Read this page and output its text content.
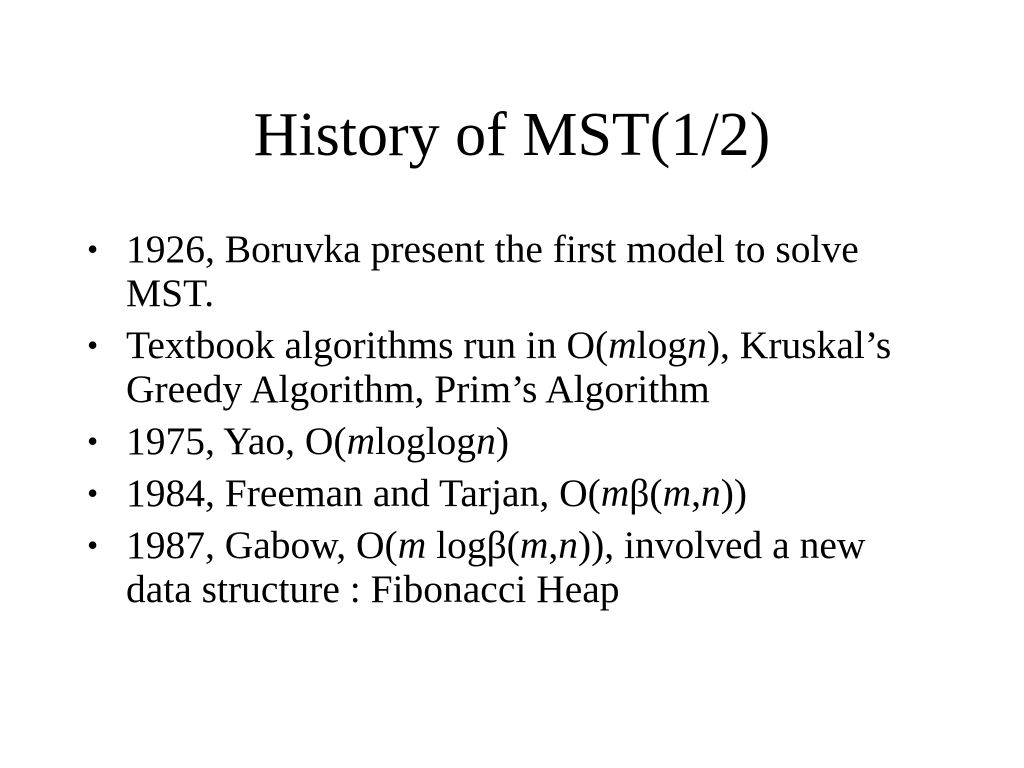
History of MST(1/2)
•
1926, Boruvka present the first model to solve MST.
•
Textbook algorithms run in O(mlogn), Kruskal’s Greedy Algorithm, Prim’s Algorithm
•
1975, Yao, O(mloglogn)
•
1984, Freeman and Tarjan, O(mβ(m,n))
•
1987, Gabow, O(m logβ(m,n)), involved a new data structure : Fibonacci Heap
